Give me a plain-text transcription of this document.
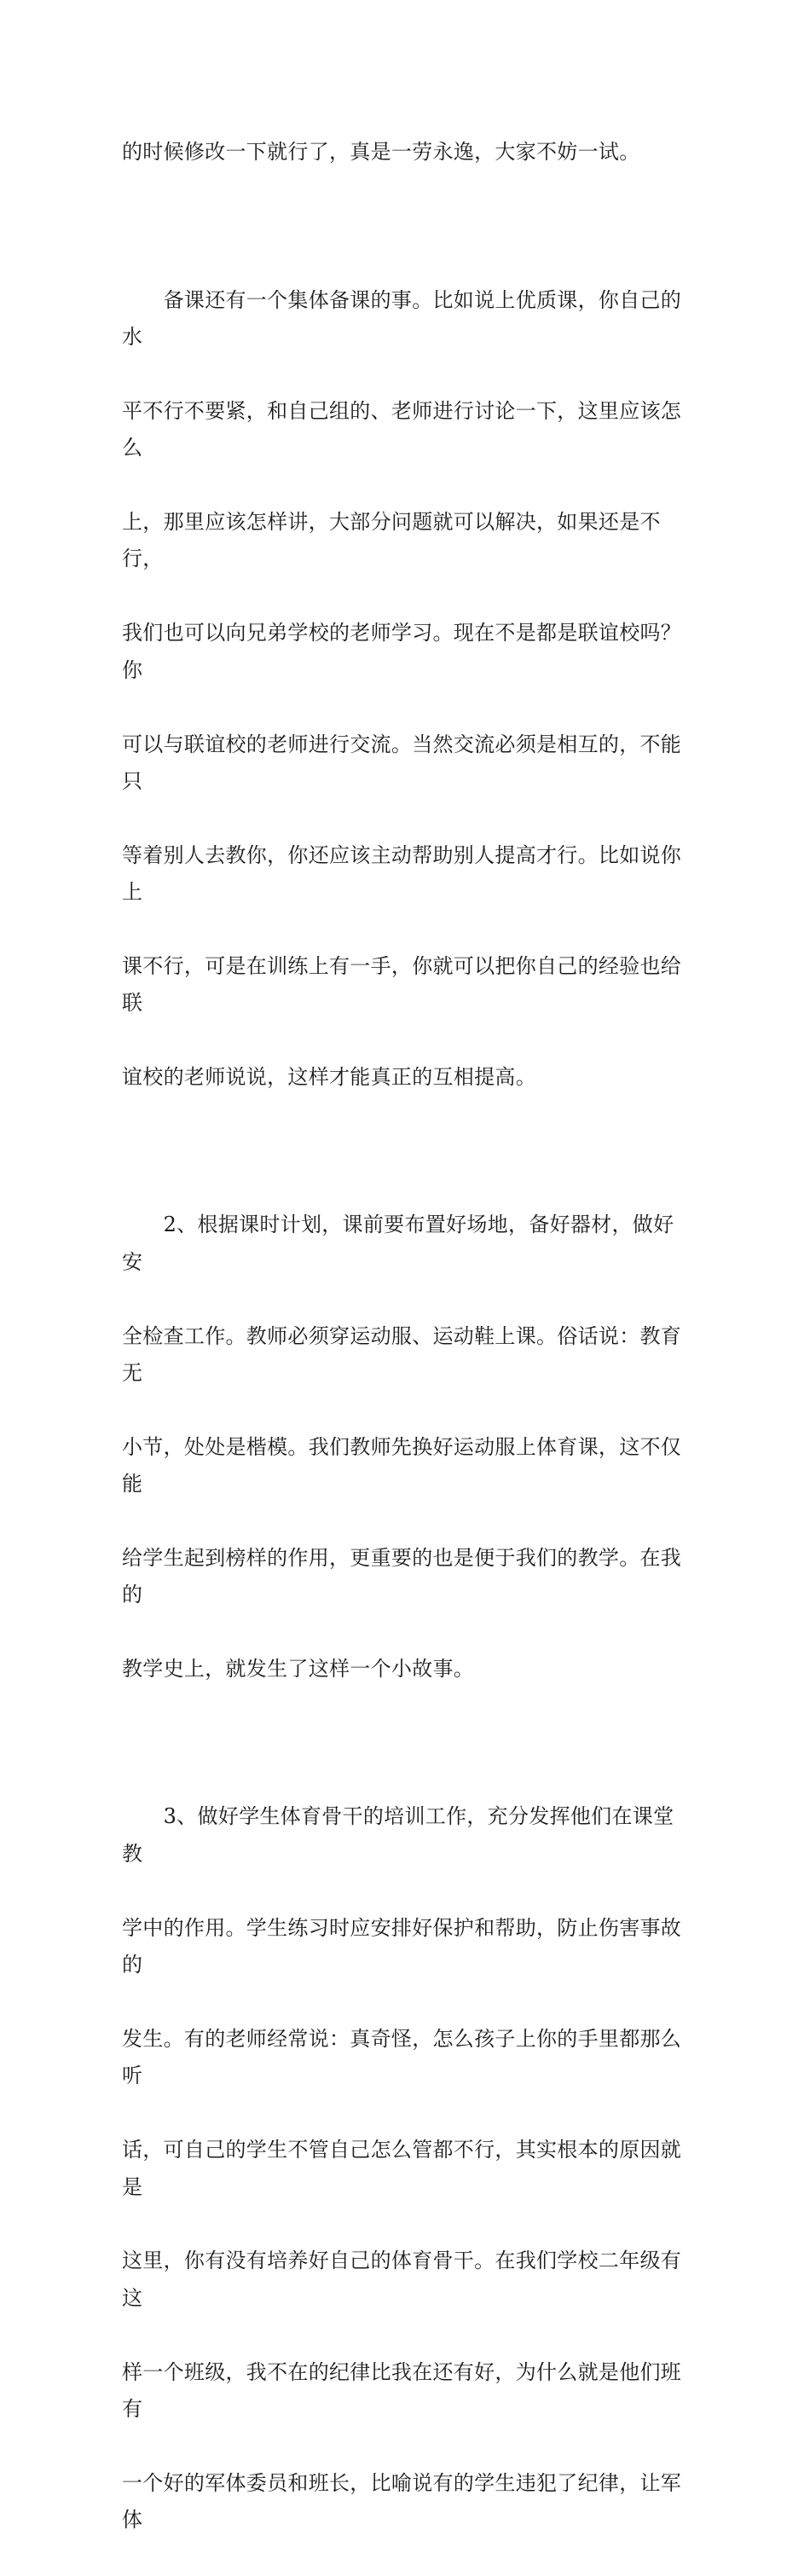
的时候修改一下就行了，真是一劳永逸，大家不妨一试。

　　备课还有一个集体备课的事。比如说上优质课，你自己的水

平不行不要紧，和自己组的、老师进行讨论一下，这里应该怎么

上，那里应该怎样讲，大部分问题就可以解决，如果还是不行，

我们也可以向兄弟学校的老师学习。现在不是都是联谊校吗？你

可以与联谊校的老师进行交流。当然交流必须是相互的，不能只

等着别人去教你，你还应该主动帮助别人提高才行。比如说你上

课不行，可是在训练上有一手，你就可以把你自己的经验也给联

谊校的老师说说，这样才能真正的互相提高。

　　2、根据课时计划，课前要布置好场地，备好器材，做好安

全检查工作。教师必须穿运动服、运动鞋上课。俗话说：教育无

小节，处处是楷模。我们教师先换好运动服上体育课，这不仅能

给学生起到榜样的作用，更重要的也是便于我们的教学。在我的

教学史上，就发生了这样一个小故事。

　　3、做好学生体育骨干的培训工作，充分发挥他们在课堂教

学中的作用。学生练习时应安排好保护和帮助，防止伤害事故的

发生。有的老师经常说：真奇怪，怎么孩子上你的手里都那么听

话，可自己的学生不管自己怎么管都不行，其实根本的原因就是

这里，你有没有培养好自己的体育骨干。在我们学校二年级有这

样一个班级，我不在的纪律比我在还有好，为什么就是他们班有

一个好的军体委员和班长，比喻说有的学生违犯了纪律，让军体
